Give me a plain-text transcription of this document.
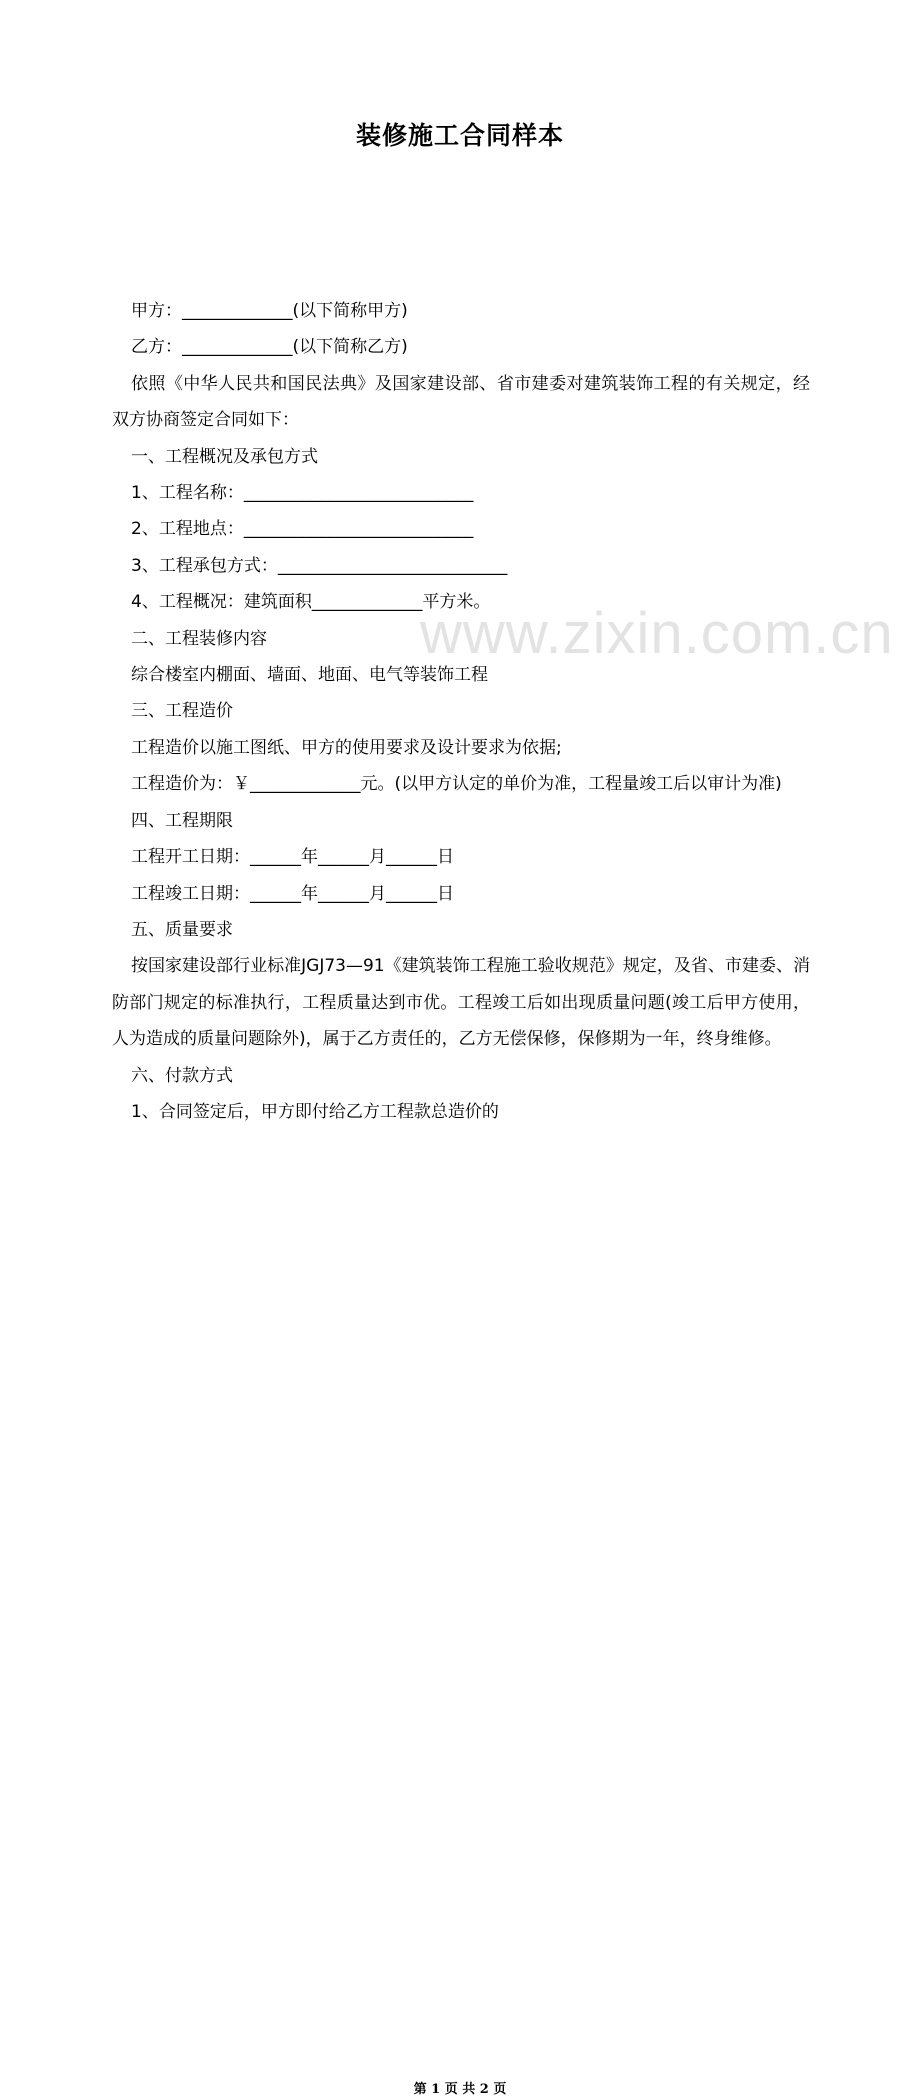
www.zixin.com.cn
装修施工合同样本
甲方：_____________(以下简称甲方)
乙方：_____________(以下简称乙方)
依照《中华人民共和国民法典》及国家建设部、省市建委对建筑装饰工程的有关规定，经双方协商签定合同如下：
一、工程概况及承包方式
1、工程名称：___________________________
2、工程地点：___________________________
3、工程承包方式：___________________________
4、工程概况：建筑面积_____________平方米。
二、工程装修内容
综合楼室内棚面、墙面、地面、电气等装饰工程
三、工程造价
工程造价以施工图纸、甲方的使用要求及设计要求为依据;
工程造价为：￥_____________元。(以甲方认定的单价为准，工程量竣工后以审计为准)
四、工程期限
工程开工日期：______年______月______日
工程竣工日期：______年______月______日
五、质量要求
按国家建设部行业标准JGJ73—91《建筑装饰工程施工验收规范》规定，及省、市建委、消防部门规定的标准执行，工程质量达到市优。工程竣工后如出现质量问题(竣工后甲方使用，人为造成的质量问题除外)，属于乙方责任的，乙方无偿保修，保修期为一年，终身维修。
六、付款方式
1、合同签定后，甲方即付给乙方工程款总造价的
第 1 页 共 2 页
